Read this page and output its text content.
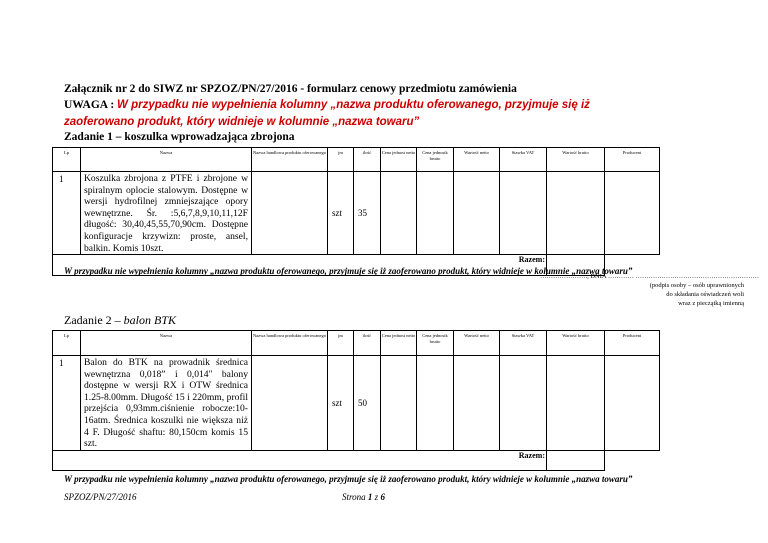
Załącznik nr 2 do SIWZ nr SPZOZ/PN/27/2016 - formularz cenowy przedmiotu zamówienia
UWAGA : W przypadku nie wypełnienia kolumny „nazwa produktu oferowanego, przyjmuje się iż
zaoferowano produkt, który widnieje w kolumnie „nazwa towaru”
Zadanie 1 – koszulka wprowadzająca zbrojona
Lp	Nazwa	Nazwa handlowa produktu oferowanego	jm	ilość	Cena jednost netto	Cena jednostk brutto	Wartość netto	Stawka VAT	Wartość brutto	Producent
1	Koszulka zbrojona z PTFE i zbrojone w spiralnym oplocie stalowym. Dostępne w wersji hydrofilnej zmniejszające opory wewnętrzne. Śr. :5,6,7,8,9,10,11,12F długość: 30,40,45,55,70,90cm. Dostępne konfiguracje krzywizn: proste, ansel, balkin. Komis 10szt.		szt	35						
Razem:										
W przypadku nie wypełnienia kolumny „nazwa produktu oferowanego, przyjmuje się iż zaoferowano produkt, który widnieje w kolumnie „nazwa towaru”
…………………., DNIA ………… …………………………………………………
(podpis osoby – osób uprawnionych
do składania oświadczeń woli
wraz z pieczątką imienną
Zadanie 2 – balon BTK
Lp	Nazwa	Nazwa handlowa produktu oferowanego	jm	ilość	Cena jednost netto	Cena jednostk brutto	Wartość netto	Stawka VAT	Wartość brutto	Producent
1	Balon do BTK na prowadnik średnica wewnętrzna 0,018” i 0,014" balony dostępne w wersji RX i OTW średnica 1.25-8.00mm. Długość 15 i 220mm, profil przejścia 0,93mm.ciśnienie robocze:10-16atm. Średnica koszulki nie większa niż 4 F. Długość shaftu: 80,150cm komis 15 szt.		szt	50						
Razem:										
W przypadku nie wypełnienia kolumny „nazwa produktu oferowanego, przyjmuje się iż zaoferowano produkt, który widnieje w kolumnie „nazwa towaru”
SPZOZ/PN/27/2016	Strona 1 z 6
